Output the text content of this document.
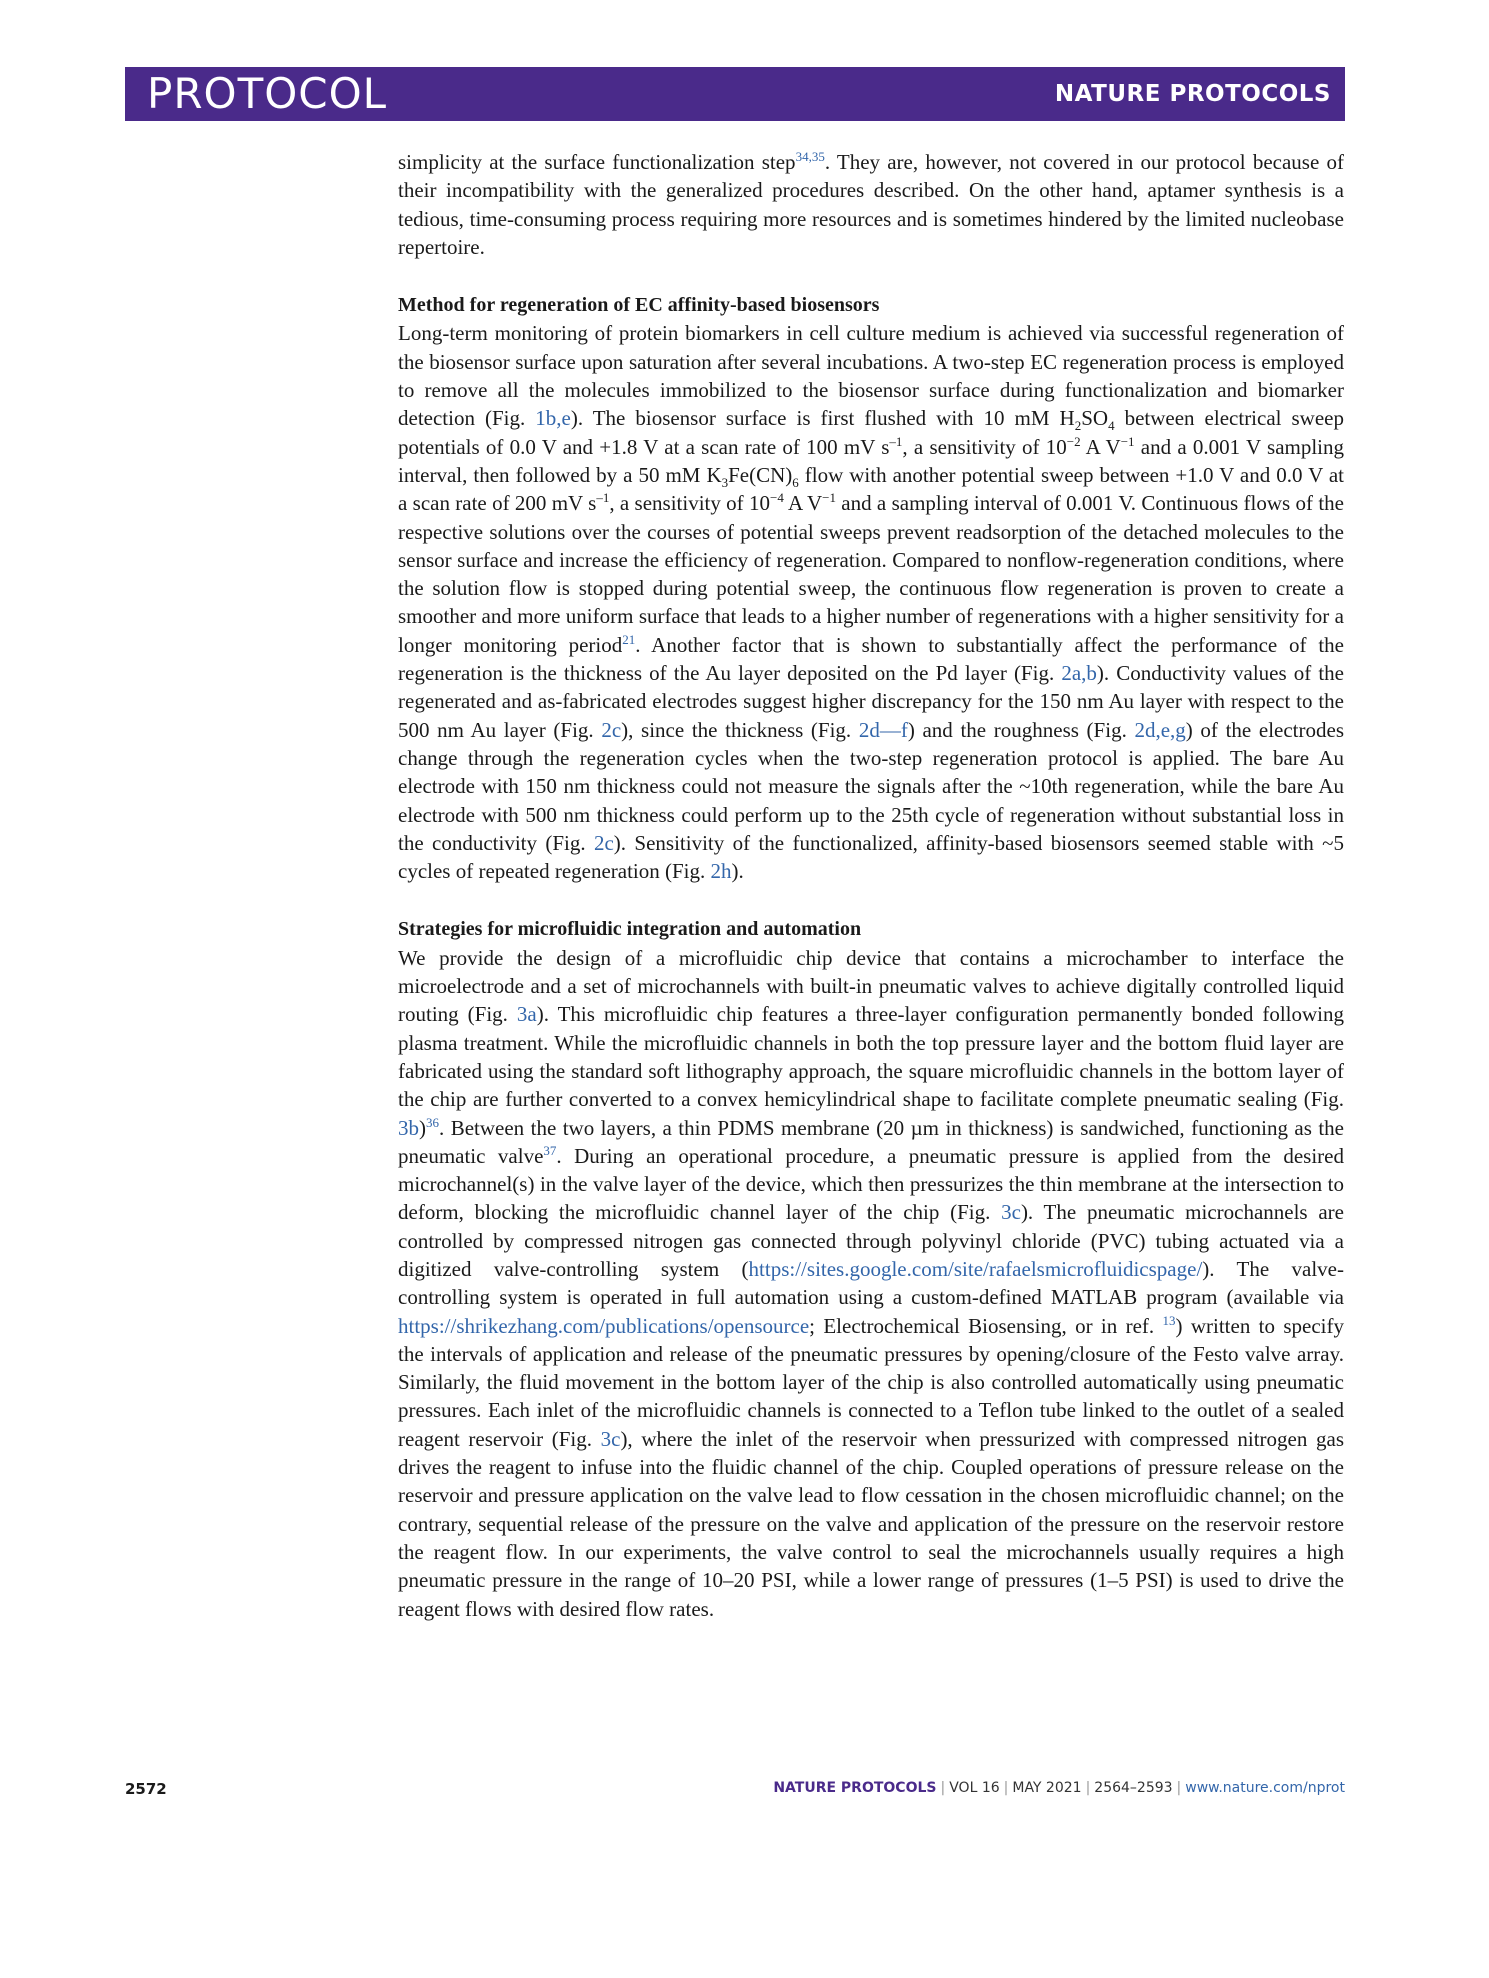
PROTOCOL	NATURE PROTOCOLS

simplicity at the surface functionalization step$^{34,35}$. They are, however, not covered in our protocol because of their incompatibility with the generalized procedures described. On the other hand, aptamer synthesis is a tedious, time-consuming process requiring more resources and is sometimes hindered by the limited nucleobase repertoire.

Method for regeneration of EC affinity-based biosensors

Long-term monitoring of protein biomarkers in cell culture medium is achieved via successful regeneration of the biosensor surface upon saturation after several incubations. A two-step EC regeneration process is employed to remove all the molecules immobilized to the biosensor surface during functionalization and biomarker detection (Fig. 1b,e). The biosensor surface is first flushed with 10 mM $H_2SO_4$ between electrical sweep potentials of 0.0 V and +1.8 V at a scan rate of 100 mV $s^{-1}$, a sensitivity of $10^{-2}$ A $V^{-1}$ and a 0.001 V sampling interval, then followed by a 50 mM $K_3Fe(CN)_6$ flow with another potential sweep between +1.0 V and 0.0 V at a scan rate of 200 mV $s^{-1}$, a sensitivity of $10^{-4}$ A $V^{-1}$ and a sampling interval of 0.001 V. Continuous flows of the respective solutions over the courses of potential sweeps prevent readsorption of the detached molecules to the sensor surface and increase the efficiency of regeneration. Compared to nonflow-regeneration conditions, where the solution flow is stopped during potential sweep, the continuous flow regeneration is proven to create a smoother and more uniform surface that leads to a higher number of regenerations with a higher sensitivity for a longer monitoring period$^{21}$. Another factor that is shown to substantially affect the performance of the regeneration is the thickness of the Au layer deposited on the Pd layer (Fig. 2a,b). Conductivity values of the regenerated and as-fabricated electrodes suggest higher discrepancy for the 150 nm Au layer with respect to the 500 nm Au layer (Fig. 2c), since the thickness (Fig. 2d—f) and the roughness (Fig. 2d,e,g) of the electrodes change through the regeneration cycles when the two-step regeneration protocol is applied. The bare Au electrode with 150 nm thickness could not measure the signals after the ~10th regeneration, while the bare Au electrode with 500 nm thickness could perform up to the 25th cycle of regeneration without substantial loss in the conductivity (Fig. 2c). Sensitivity of the functionalized, affinity-based biosensors seemed stable with ~5 cycles of repeated regeneration (Fig. 2h).

Strategies for microfluidic integration and automation

We provide the design of a microfluidic chip device that contains a microchamber to interface the microelectrode and a set of microchannels with built-in pneumatic valves to achieve digitally controlled liquid routing (Fig. 3a). This microfluidic chip features a three-layer configuration permanently bonded following plasma treatment. While the microfluidic channels in both the top pressure layer and the bottom fluid layer are fabricated using the standard soft lithography approach, the square microfluidic channels in the bottom layer of the chip are further converted to a convex hemicylindrical shape to facilitate complete pneumatic sealing (Fig. 3b)$^{36}$. Between the two layers, a thin PDMS membrane (20 µm in thickness) is sandwiched, functioning as the pneumatic valve$^{37}$. During an operational procedure, a pneumatic pressure is applied from the desired microchannel(s) in the valve layer of the device, which then pressurizes the thin membrane at the intersection to deform, blocking the microfluidic channel layer of the chip (Fig. 3c). The pneumatic microchannels are controlled by compressed nitrogen gas connected through polyvinyl chloride (PVC) tubing actuated via a digitized valve-controlling system (https://sites.google.com/site/rafaelsmicrofluidicspage/). The valve-controlling system is operated in full automation using a custom-defined MATLAB program (available via https://shrikezhang.com/publications/opensource; Electrochemical Biosensing, or in ref. $^{13}$) written to specify the intervals of application and release of the pneumatic pressures by opening/closure of the Festo valve array. Similarly, the fluid movement in the bottom layer of the chip is also controlled automatically using pneumatic pressures. Each inlet of the microfluidic channels is connected to a Teflon tube linked to the outlet of a sealed reagent reservoir (Fig. 3c), where the inlet of the reservoir when pressurized with compressed nitrogen gas drives the reagent to infuse into the fluidic channel of the chip. Coupled operations of pressure release on the reservoir and pressure application on the valve lead to flow cessation in the chosen microfluidic channel; on the contrary, sequential release of the pressure on the valve and application of the pressure on the reservoir restore the reagent flow. In our experiments, the valve control to seal the microchannels usually requires a high pneumatic pressure in the range of 10–20 PSI, while a lower range of pressures (1–5 PSI) is used to drive the reagent flows with desired flow rates.

2572	NATURE PROTOCOLS | VOL 16 | MAY 2021 | 2564–2593 | www.nature.com/nprot
